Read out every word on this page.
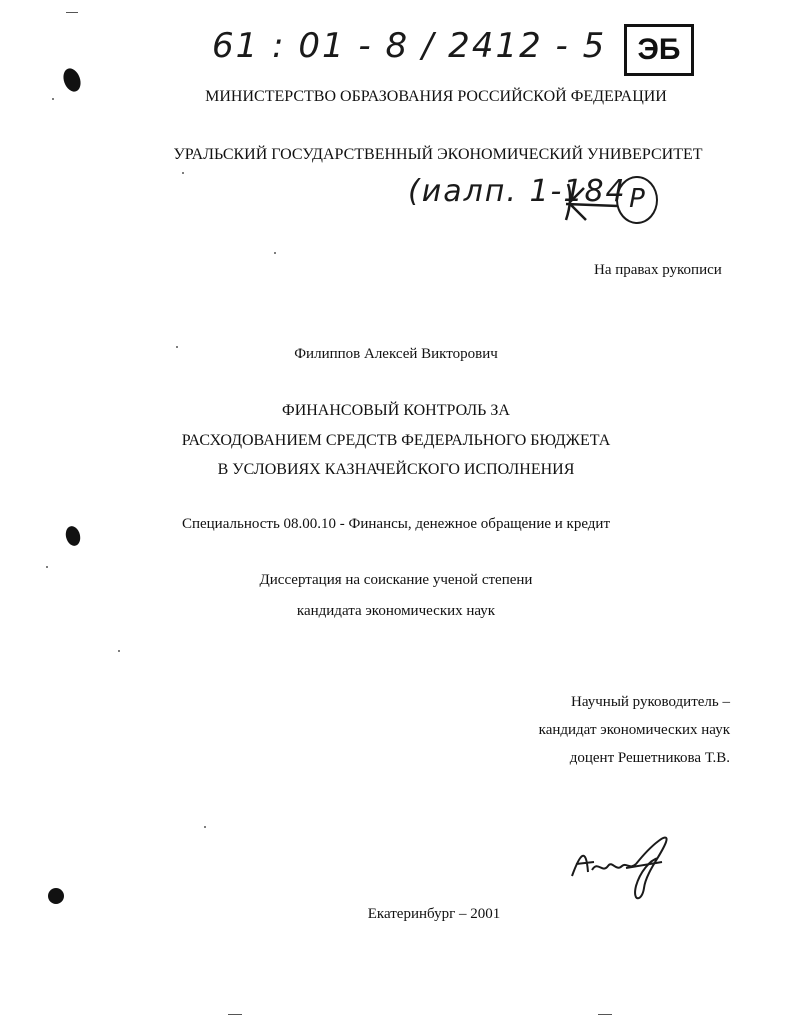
61 : 01 - 8 / 2412 - 5	ЭБ
МИНИСТЕРСТВО ОБРАЗОВАНИЯ РОССИЙСКОЙ ФЕДЕРАЦИИ
УРАЛЬСКИЙ ГОСУДАРСТВЕННЫЙ ЭКОНОМИЧЕСКИЙ УНИВЕРСИТЕТ
(иалп. 1-184 Р
На правах рукописи
Филиппов Алексей Викторович
ФИНАНСОВЫЙ КОНТРОЛЬ ЗА
РАСХОДОВАНИЕМ СРЕДСТВ ФЕДЕРАЛЬНОГО БЮДЖЕТА
В УСЛОВИЯХ КАЗНАЧЕЙСКОГО ИСПОЛНЕНИЯ
Специальность 08.00.10 - Финансы, денежное обращение и кредит
Диссертация на соискание ученой степени
кандидата экономических наук
Научный руководитель –
кандидат экономических наук
доцент Решетникова Т.В.
Екатеринбург – 2001
